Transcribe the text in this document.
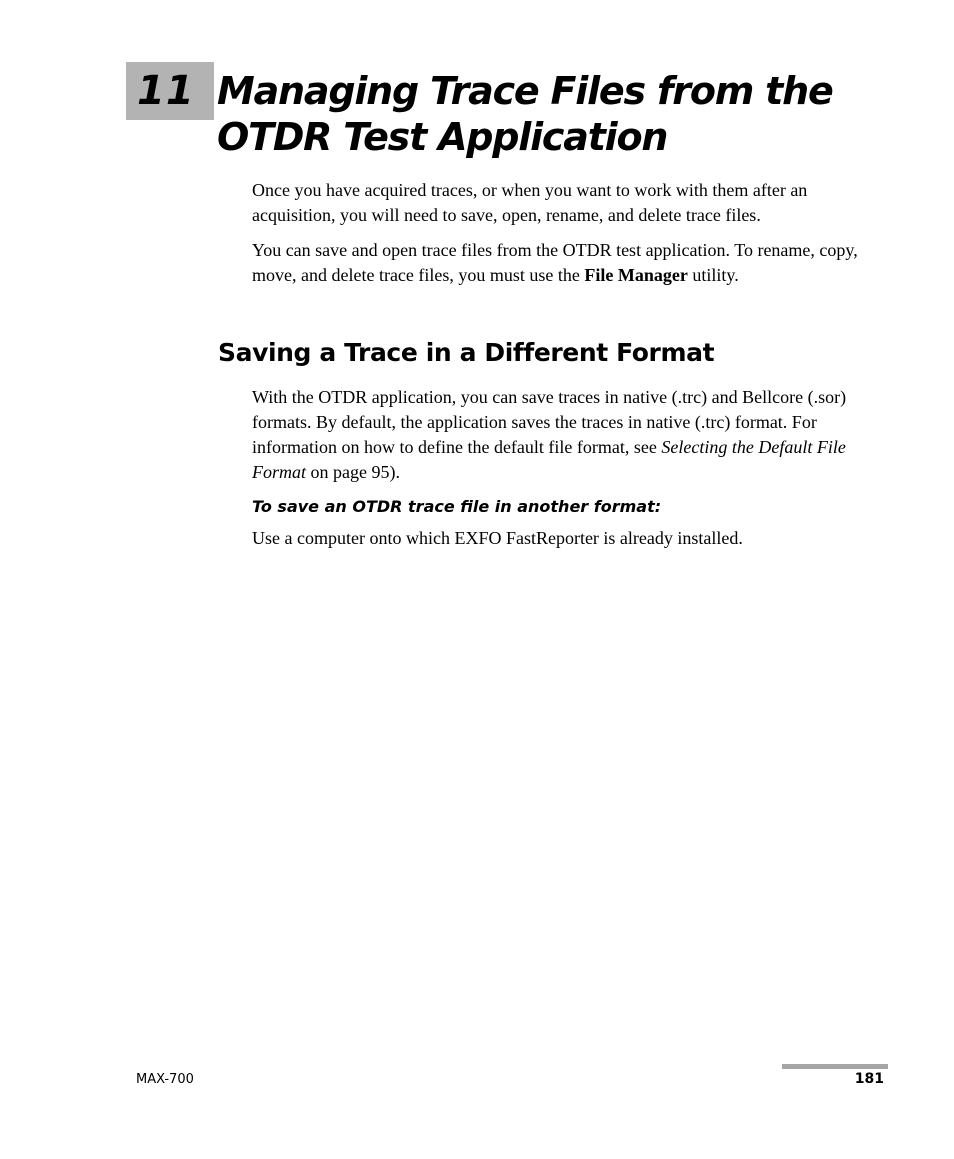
11 Managing Trace Files from the
OTDR Test Application

Once you have acquired traces, or when you want to work with them after an acquisition, you will need to save, open, rename, and delete trace files.

You can save and open trace files from the OTDR test application. To rename, copy, move, and delete trace files, you must use the File Manager utility.

Saving a Trace in a Different Format

With the OTDR application, you can save traces in native (.trc) and Bellcore (.sor) formats. By default, the application saves the traces in native (.trc) format. For information on how to define the default file format, see Selecting the Default File Format on page 95).

To save an OTDR trace file in another format:

Use a computer onto which EXFO FastReporter is already installed.

MAX-700	181
